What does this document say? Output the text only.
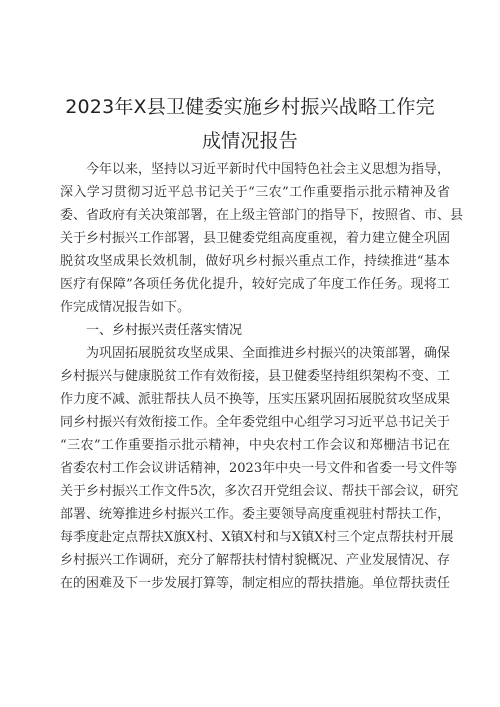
2023年X县卫健委实施乡村振兴战略工作完
成情况报告
今年以来，坚持以习近平新时代中国特色社会主义思想为指导，
深入学习贯彻习近平总书记关于“三农”工作重要指示批示精神及省
委、省政府有关决策部署，在上级主管部门的指导下，按照省、市、县
关于乡村振兴工作部署，县卫健委党组高度重视，着力建立健全巩固
脱贫攻坚成果长效机制，做好巩乡村振兴重点工作，持续推进“基本
医疗有保障”各项任务优化提升，较好完成了年度工作任务。现将工
作完成情况报告如下。
一、乡村振兴责任落实情况
为巩固拓展脱贫攻坚成果、全面推进乡村振兴的决策部署，确保
乡村振兴与健康脱贫工作有效衔接，县卫健委坚持组织架构不变、工
作力度不减、派驻帮扶人员不换等，压实压紧巩固拓展脱贫攻坚成果
同乡村振兴有效衔接工作。全年委党组中心组学习习近平总书记关于
“三农”工作重要指示批示精神，中央农村工作会议和郑栅洁书记在
省委农村工作会议讲话精神，2023年中央一号文件和省委一号文件等
关于乡村振兴工作文件5次，多次召开党组会议、帮扶干部会议，研究
部署、统筹推进乡村振兴工作。委主要领导高度重视驻村帮扶工作，
每季度赴定点帮扶X旗X村、X镇X村和与X镇X村三个定点帮扶村开展
乡村振兴工作调研，充分了解帮扶村情村貌概况、产业发展情况、存
在的困难及下一步发展打算等，制定相应的帮扶措施。单位帮扶责任
